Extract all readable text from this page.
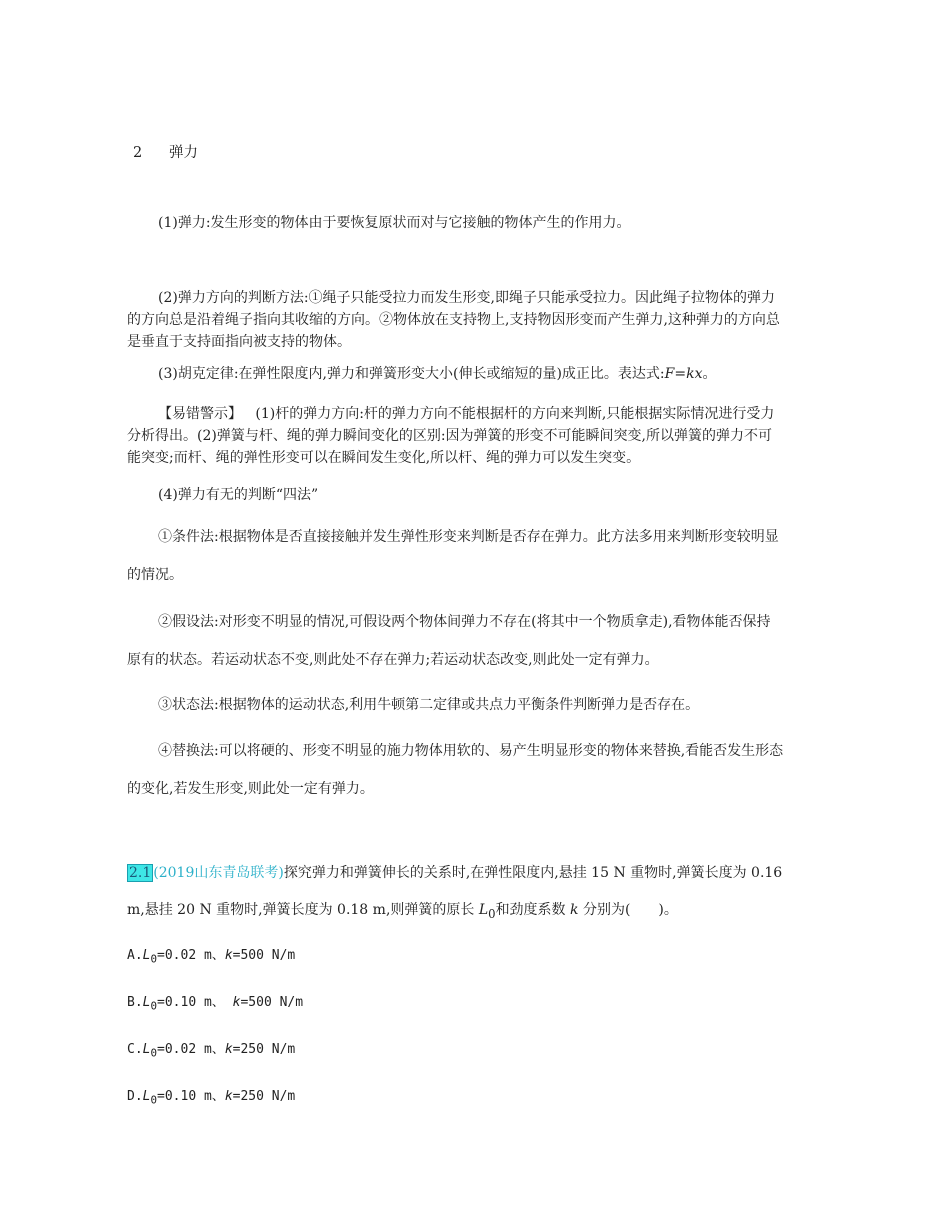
2 弹力
(1)弹力:发生形变的物体由于要恢复原状而对与它接触的物体产生的作用力。
(2)弹力方向的判断方法:①绳子只能受拉力而发生形变,即绳子只能承受拉力。因此绳子拉物体的弹力
的方向总是沿着绳子指向其收缩的方向。②物体放在支持物上,支持物因形变而产生弹力,这种弹力的方向总
是垂直于支持面指向被支持的物体。
(3)胡克定律:在弹性限度内,弹力和弹簧形变大小(伸长或缩短的量)成正比。表达式:F=kx。
【易错警示】 (1)杆的弹力方向:杆的弹力方向不能根据杆的方向来判断,只能根据实际情况进行受力
分析得出。(2)弹簧与杆、绳的弹力瞬间变化的区别:因为弹簧的形变不可能瞬间突变,所以弹簧的弹力不可
能突变;而杆、绳的弹性形变可以在瞬间发生变化,所以杆、绳的弹力可以发生突变。
(4)弹力有无的判断“四法”
①条件法:根据物体是否直接接触并发生弹性形变来判断是否存在弹力。此方法多用来判断形变较明显
的情况。
②假设法:对形变不明显的情况,可假设两个物体间弹力不存在(将其中一个物质拿走),看物体能否保持
原有的状态。若运动状态不变,则此处不存在弹力;若运动状态改变,则此处一定有弹力。
③状态法:根据物体的运动状态,利用牛顿第二定律或共点力平衡条件判断弹力是否存在。
④替换法:可以将硬的、形变不明显的施力物体用软的、易产生明显形变的物体来替换,看能否发生形态
的变化,若发生形变,则此处一定有弹力。
2.1 (2019山东青岛联考)探究弹力和弹簧伸长的关系时,在弹性限度内,悬挂 15 N 重物时,弹簧长度为 0.16
m,悬挂 20 N 重物时,弹簧长度为 0.18 m,则弹簧的原长 $L_0$和劲度系数 k 分别为(　　)。
$A.L_0=0.02$ m、k=500 N/m
$B.L_0=0.10$ m、 k=500 N/m
$C.L_0=0.02$ m、k=250 N/m
$D.L_0=0.10$ m、k=250 N/m
